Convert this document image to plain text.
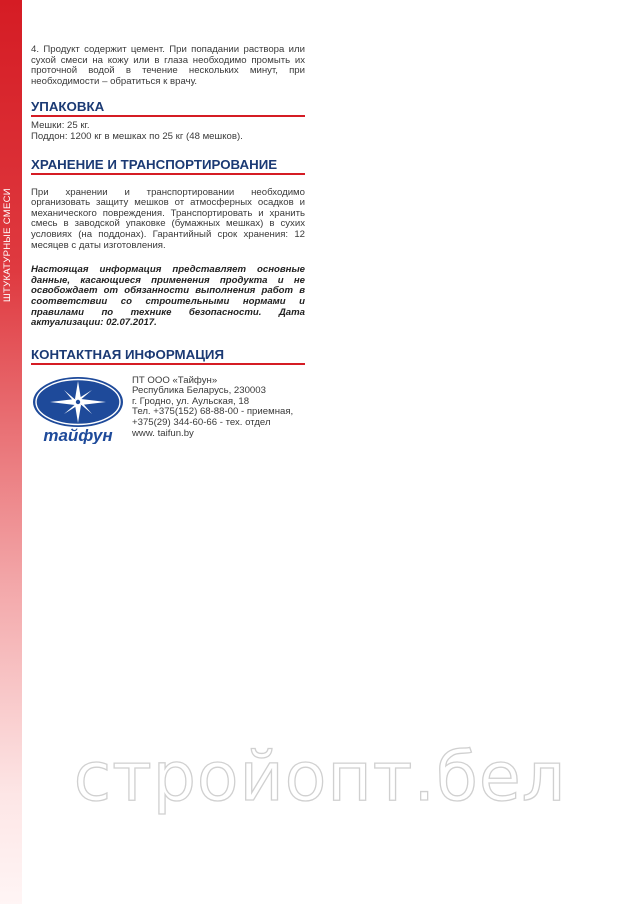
ШТУКАТУРНЫЕ СМЕСИ

4. Продукт содержит цемент. При попадании раствора или сухой смеси на кожу или в глаза необходимо промыть их проточной водой в течение нескольких минут, при необходимости – обратиться к врачу.

УПАКОВКА

Мешки: 25 кг.

Поддон: 1200 кг в мешках по 25 кг (48 мешков).

ХРАНЕНИЕ И ТРАНСПОРТИРОВАНИЕ

При хранении и транспортировании необходимо организовать защиту мешков от атмосферных осадков и механического повреждения. Транспортировать и хранить смесь в заводской упаковке (бумажных мешках) в сухих условиях (на поддонах). Гарантийный срок хранения: 12 месяцев с даты изготовления.

Настоящая информация представляет основные данные, касающиеся применения продукта и не освобождает от обязанности выполнения работ в соответствии со строительными нормами и правилами по технике безопасности. Дата актуализации: 02.07.2017.

КОНТАКТНАЯ ИНФОРМАЦИЯ
тайфун
ПТ ООО «Тайфун»
Республика Беларусь, 230003
г. Гродно, ул. Аульская, 18
Тел. +375(152) 68-88-00 - приемная,
+375(29) 344-60-66 - тех. отдел
www. taifun.by
стройопт.бел
